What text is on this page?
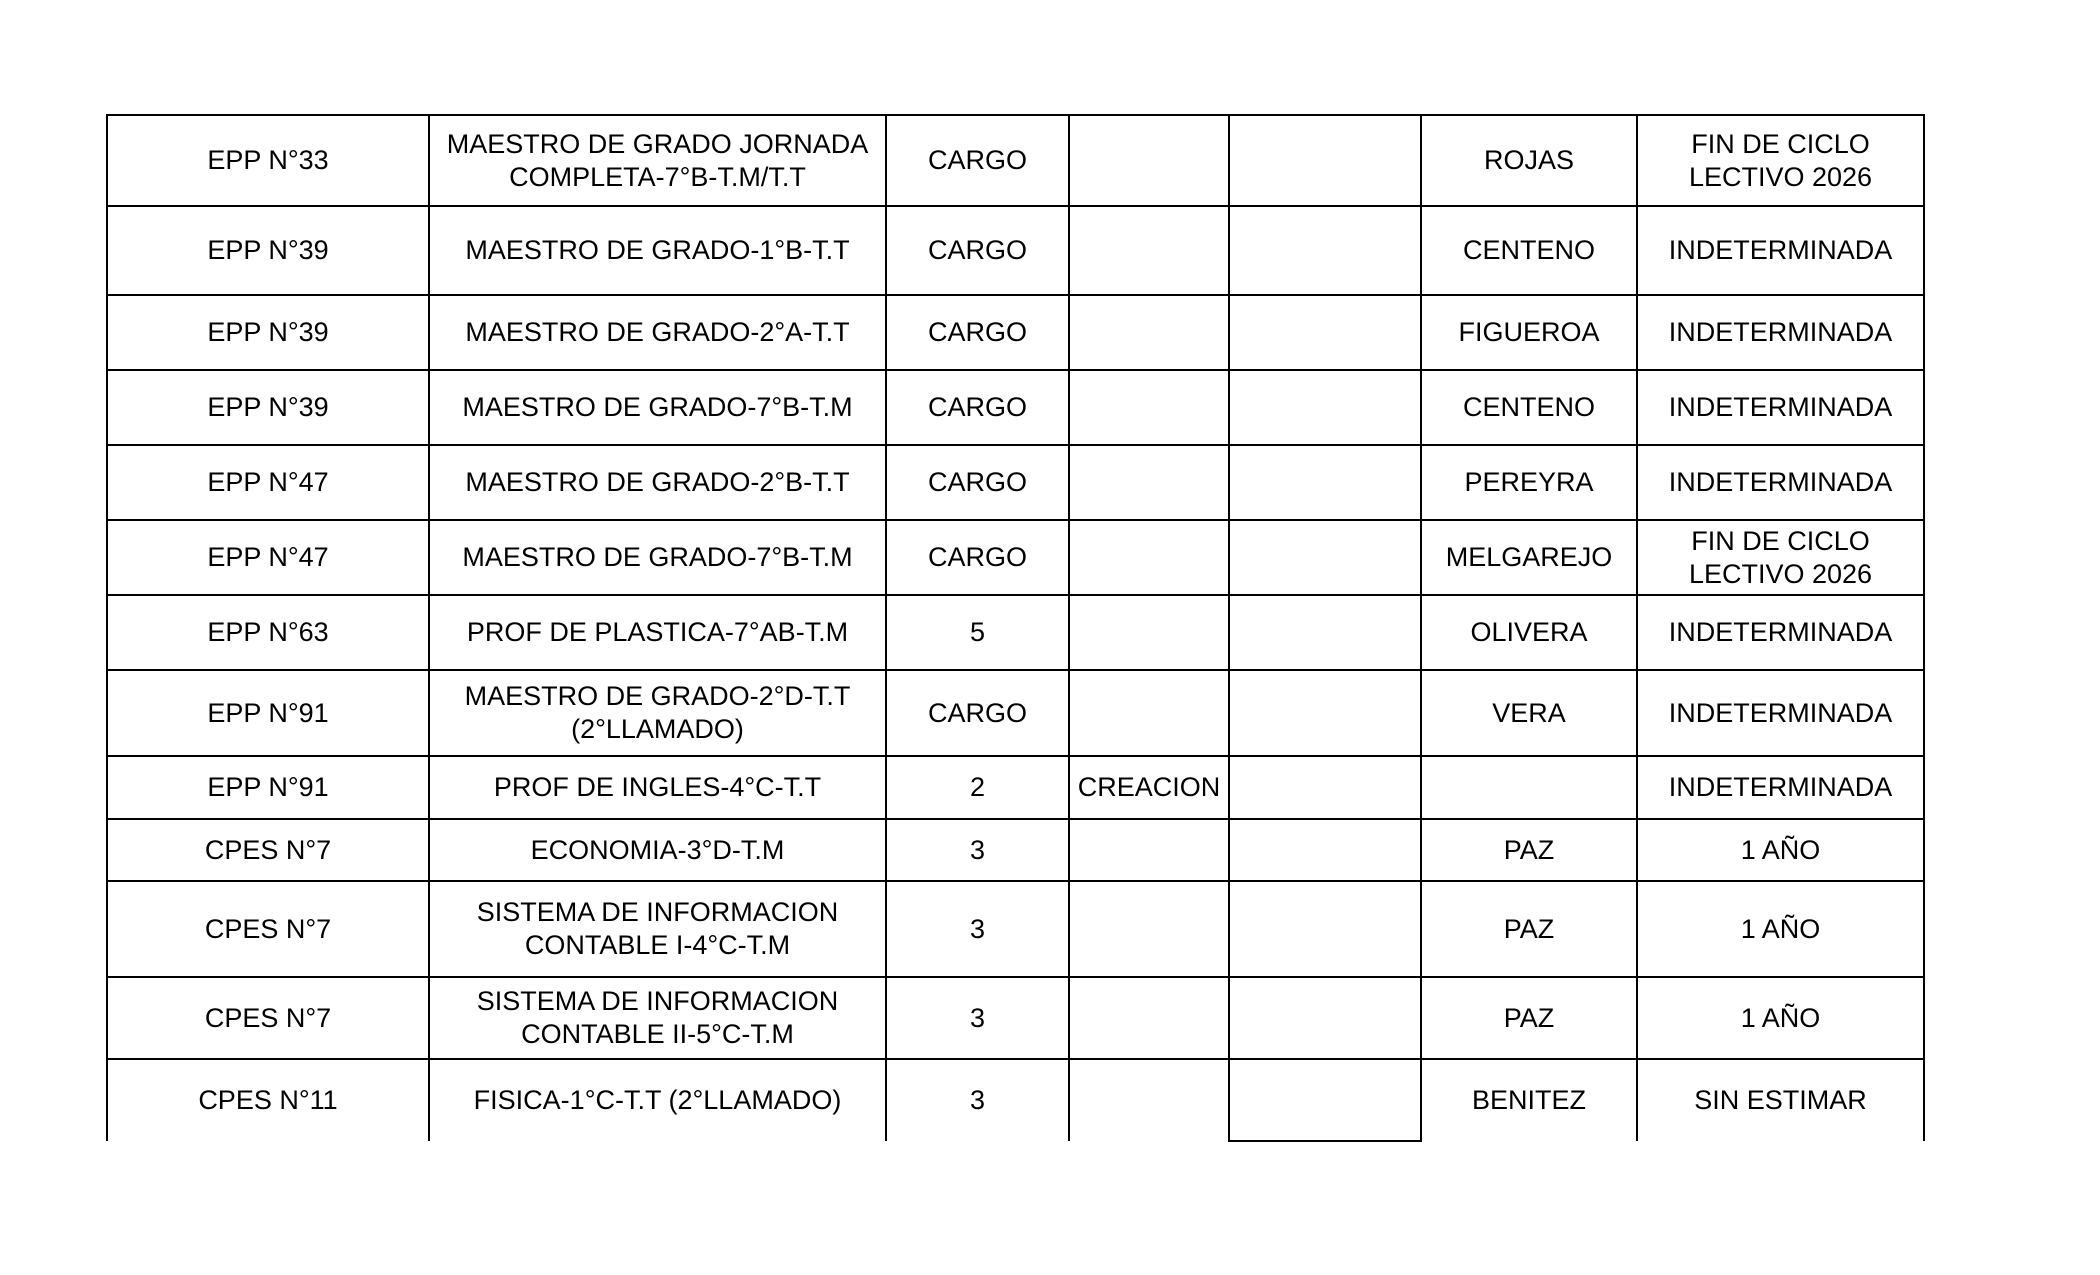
EPP N°33	MAESTRO DE GRADO JORNADA
COMPLETA-7°B-T.M/T.T	CARGO			ROJAS	FIN DE CICLO
LECTIVO 2026

EPP N°39	MAESTRO DE GRADO-1°B-T.T	CARGO			CENTENO	INDETERMINADA

EPP N°39	MAESTRO DE GRADO-2°A-T.T	CARGO			FIGUEROA	INDETERMINADA

EPP N°39	MAESTRO DE GRADO-7°B-T.M	CARGO			CENTENO	INDETERMINADA

EPP N°47	MAESTRO DE GRADO-2°B-T.T	CARGO			PEREYRA	INDETERMINADA

EPP N°47	MAESTRO DE GRADO-7°B-T.M	CARGO			MELGAREJO	FIN DE CICLO
LECTIVO 2026

EPP N°63	PROF DE PLASTICA-7°AB-T.M	5			OLIVERA	INDETERMINADA

EPP N°91	MAESTRO DE GRADO-2°D-T.T
(2°LLAMADO)	CARGO			VERA	INDETERMINADA

EPP N°91	PROF DE INGLES-4°C-T.T	2	CREACION			INDETERMINADA

CPES N°7	ECONOMIA-3°D-T.M	3			PAZ	1 AÑO

CPES N°7	SISTEMA DE INFORMACION
CONTABLE I-4°C-T.M	3			PAZ	1 AÑO

CPES N°7	SISTEMA DE INFORMACION
CONTABLE II-5°C-T.M	3			PAZ	1 AÑO

CPES N°11	FISICA-1°C-T.T (2°LLAMADO)	3			BENITEZ	SIN ESTIMAR
